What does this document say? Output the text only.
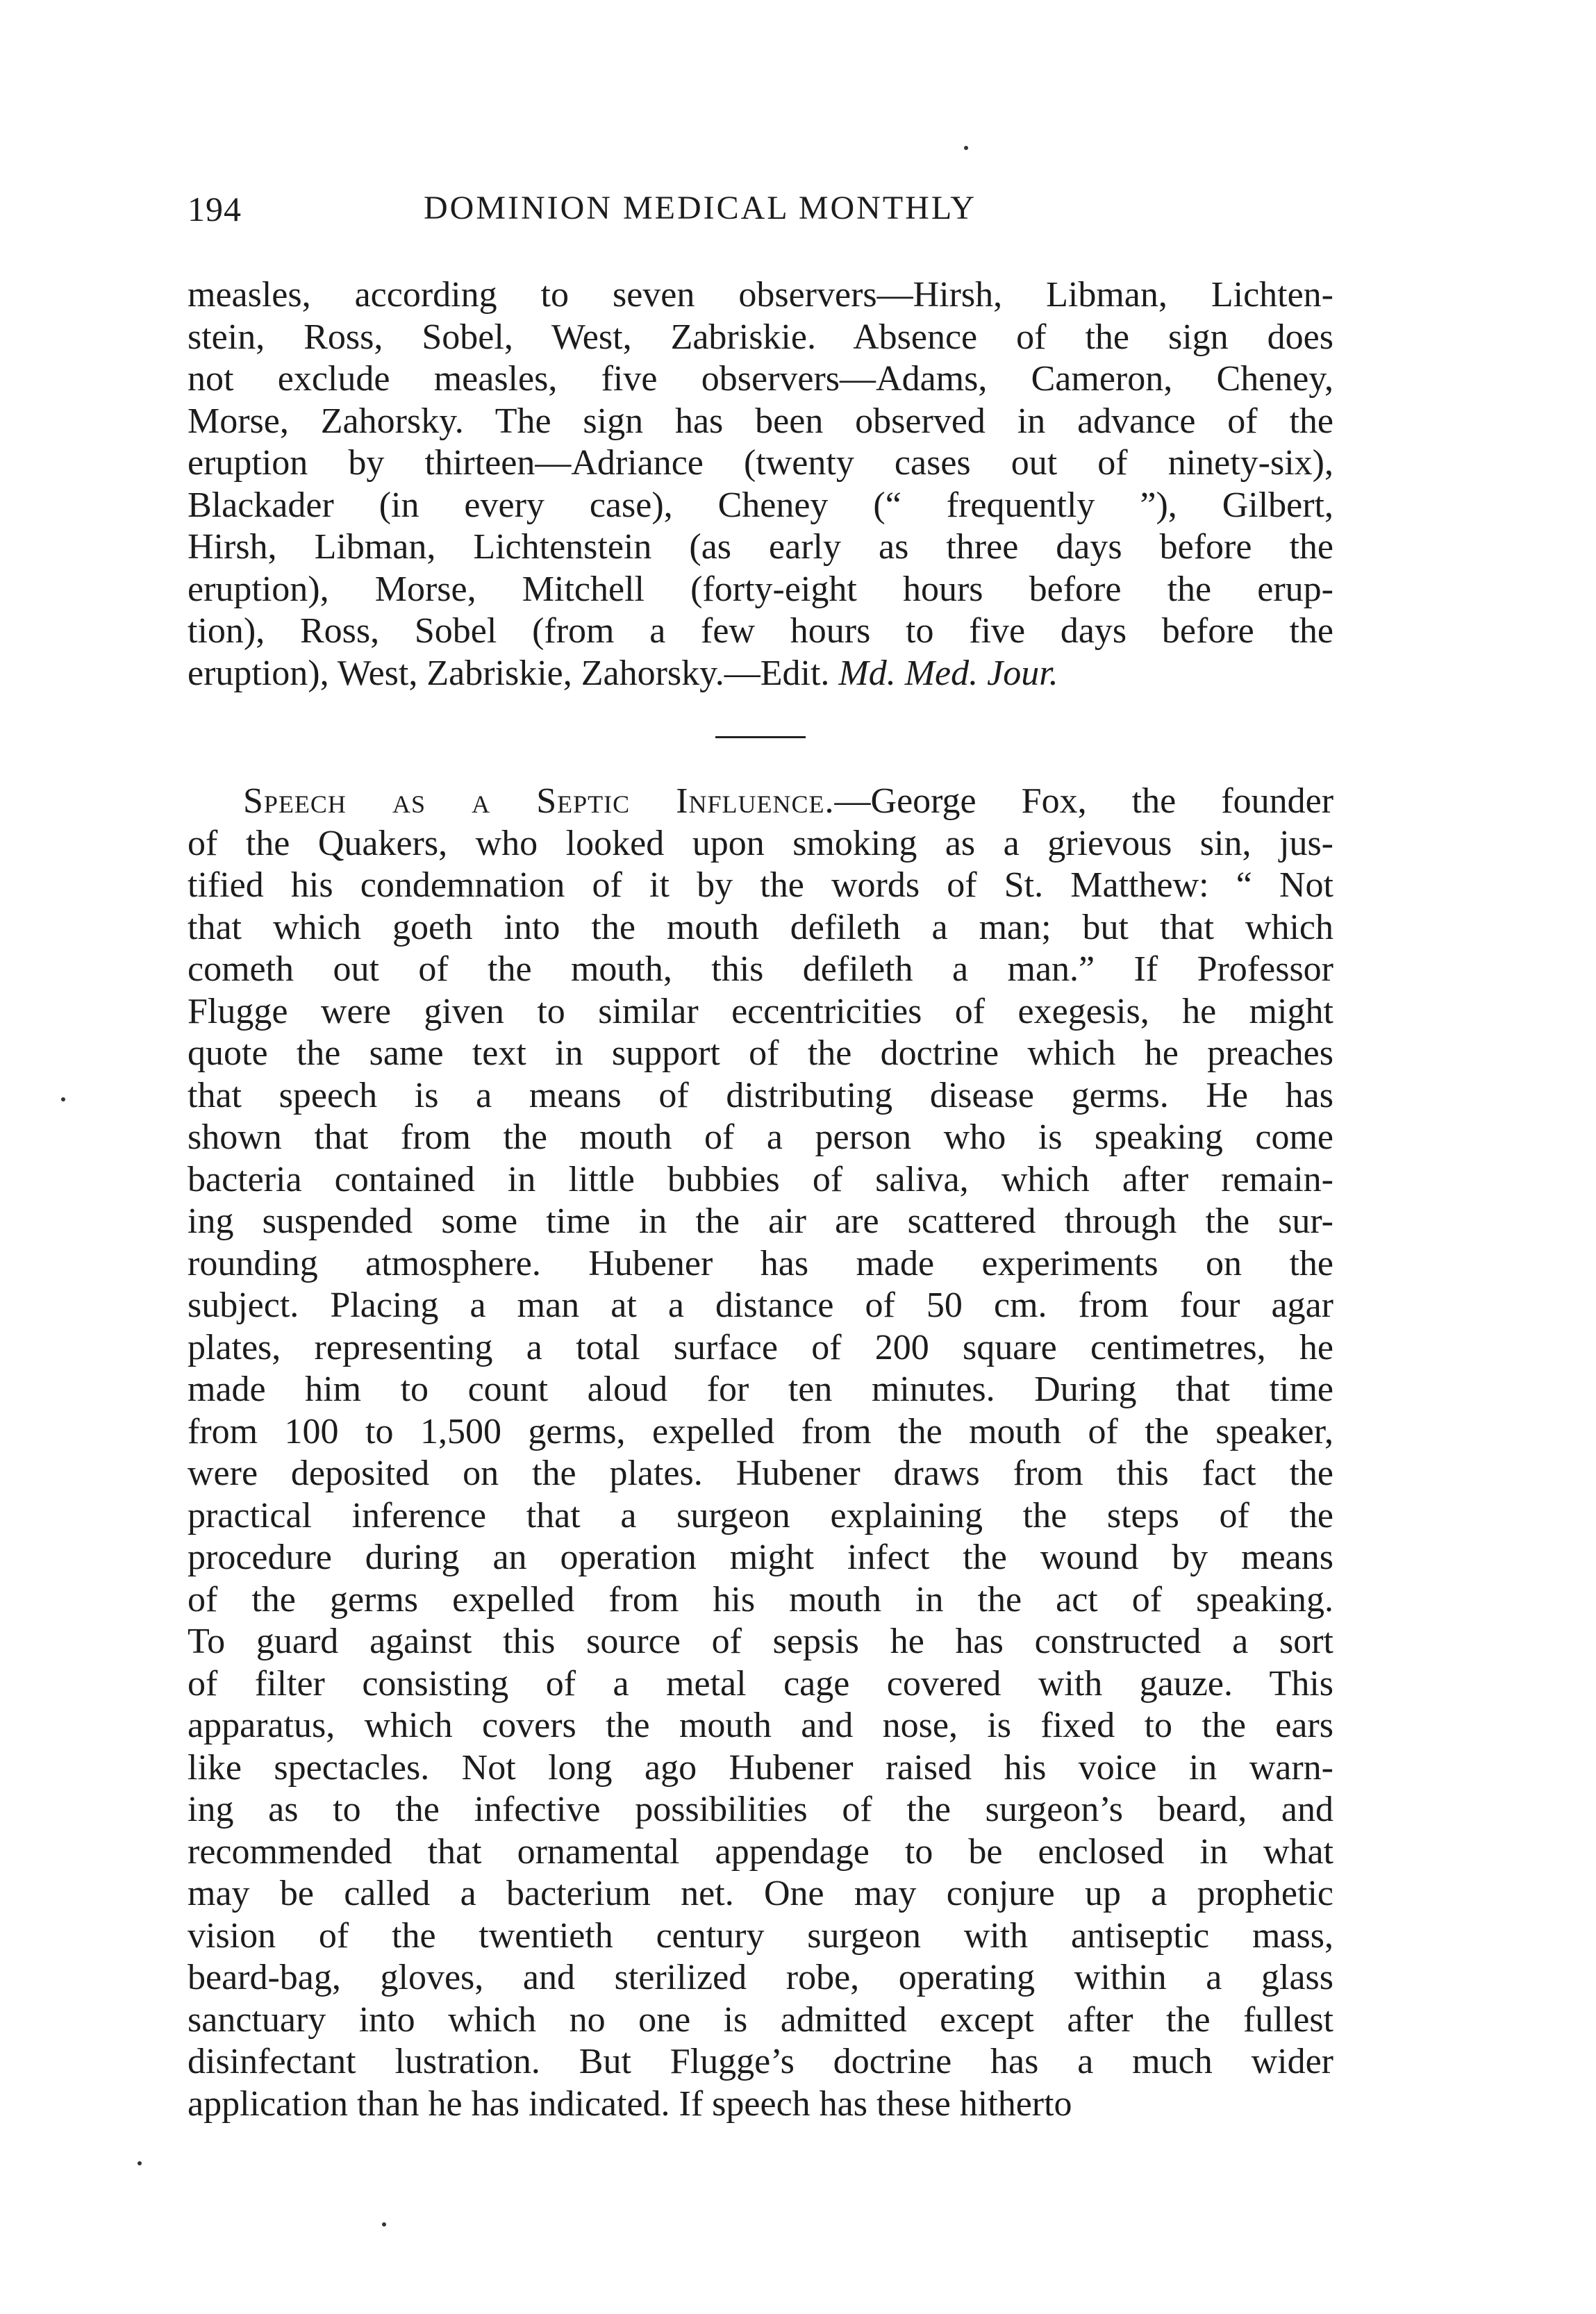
194	DOMINION MEDICAL MONTHLY
measles, according to seven observers—Hirsh, Libman, Lichten-
stein, Ross, Sobel, West, Zabriskie. Absence of the sign does
not exclude measles, five observers—Adams, Cameron, Cheney,
Morse, Zahorsky. The sign has been observed in advance of the
eruption by thirteen—Adriance (twenty cases out of ninety-six),
Blackader (in every case), Cheney (“ frequently ”), Gilbert,
Hirsh, Libman, Lichtenstein (as early as three days before the
eruption), Morse, Mitchell (forty-eight hours before the erup-
tion), Ross, Sobel (from a few hours to five days before the
eruption), West, Zabriskie, Zahorsky.—Edit. Md. Med. Jour.
Speech as a Septic Influence.—George Fox, the founder
of the Quakers, who looked upon smoking as a grievous sin, jus-
tified his condemnation of it by the words of St. Matthew: “ Not
that which goeth into the mouth defileth a man; but that which
cometh out of the mouth, this defileth a man.” If Professor
Flugge were given to similar eccentricities of exegesis, he might
quote the same text in support of the doctrine which he preaches
that speech is a means of distributing disease germs. He has
shown that from the mouth of a person who is speaking come
bacteria contained in little bubbies of saliva, which after remain-
ing suspended some time in the air are scattered through the sur-
rounding atmosphere. Hubener has made experiments on the
subject. Placing a man at a distance of 50 cm. from four agar
plates, representing a total surface of 200 square centimetres, he
made him to count aloud for ten minutes. During that time
from 100 to 1,500 germs, expelled from the mouth of the speaker,
were deposited on the plates. Hubener draws from this fact the
practical inference that a surgeon explaining the steps of the
procedure during an operation might infect the wound by means
of the germs expelled from his mouth in the act of speaking.
To guard against this source of sepsis he has constructed a sort
of filter consisting of a metal cage covered with gauze. This
apparatus, which covers the mouth and nose, is fixed to the ears
like spectacles. Not long ago Hubener raised his voice in warn-
ing as to the infective possibilities of the surgeon’s beard, and
recommended that ornamental appendage to be enclosed in what
may be called a bacterium net. One may conjure up a prophetic
vision of the twentieth century surgeon with antiseptic mass,
beard-bag, gloves, and sterilized robe, operating within a glass
sanctuary into which no one is admitted except after the fullest
disinfectant lustration. But Flugge’s doctrine has a much wider
application than he has indicated. If speech has these hitherto
